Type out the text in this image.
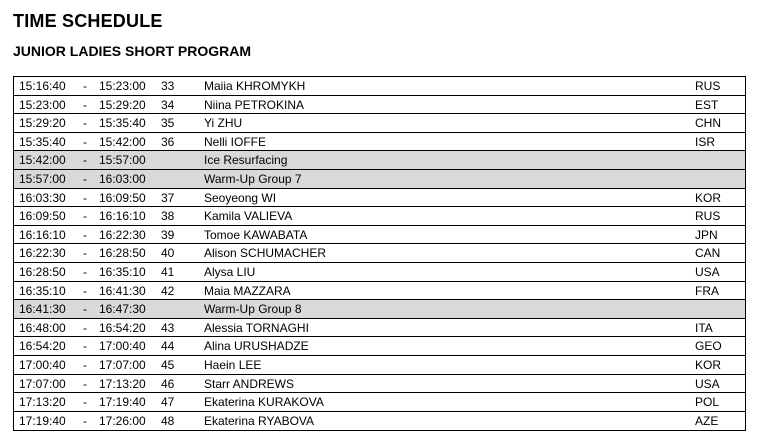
TIME SCHEDULE
JUNIOR LADIES SHORT PROGRAM
15:16:40 - 15:23:00 33 Maiia KHROMYKH	RUS
15:23:00 - 15:29:20 34 Niina PETROKINA	EST
15:29:20 - 15:35:40 35 Yi ZHU	CHN
15:35:40 - 15:42:00 36 Nelli IOFFE	ISR
15:42:00 - 15:57:00	Ice Resurfacing
15:57:00 - 16:03:00	Warm-Up Group 7
16:03:30 - 16:09:50 37 Seoyeong WI	KOR
16:09:50 - 16:16:10 38 Kamila VALIEVA	RUS
16:16:10 - 16:22:30 39 Tomoe KAWABATA	JPN
16:22:30 - 16:28:50 40 Alison SCHUMACHER	CAN
16:28:50 - 16:35:10 41 Alysa LIU	USA
16:35:10 - 16:41:30 42 Maia MAZZARA	FRA
16:41:30 - 16:47:30	Warm-Up Group 8
16:48:00 - 16:54:20 43 Alessia TORNAGHI	ITA
16:54:20 - 17:00:40 44 Alina URUSHADZE	GEO
17:00:40 - 17:07:00 45 Haein LEE	KOR
17:07:00 - 17:13:20 46 Starr ANDREWS	USA
17:13:20 - 17:19:40 47 Ekaterina KURAKOVA	POL
17:19:40 - 17:26:00 48 Ekaterina RYABOVA	AZE
